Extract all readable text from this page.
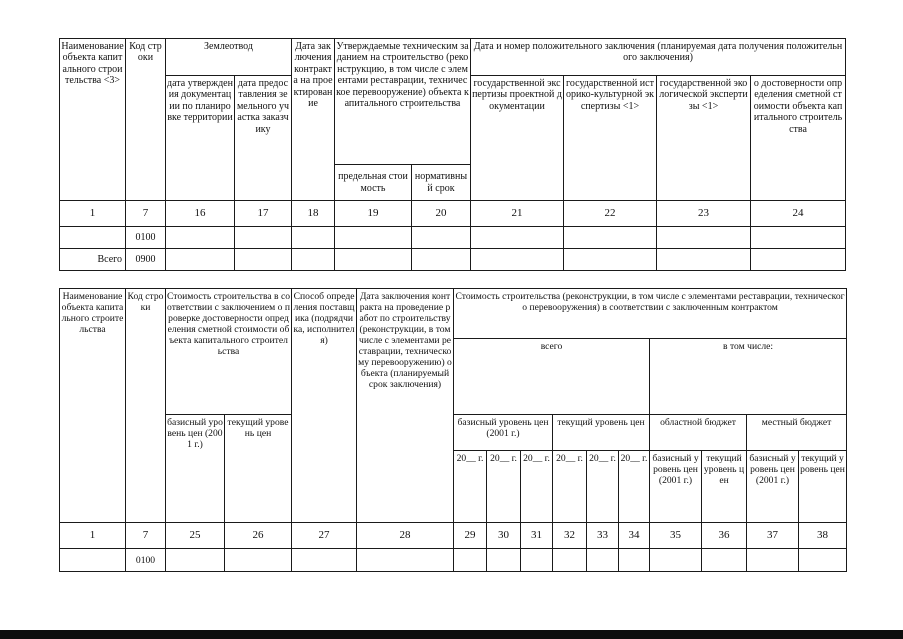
Наименование объекта капитального строительства <3>	Код строки	Землеотвод		Дата заключения контракта на проектирование	Утверждаемые техническим заданием на строительство (реконструкцию, в том числе с элементами реставрации, техническое перевооружение) объекта капитального строительства		Дата и номер положительного заключения (планируемая дата получения положительного заключения)			
		дата утверждения документации по планировке территории	дата предоставления земельного участка заказчику				государственной экспертизы проектной документации	государственной историко-культурной экспертизы <1>	государственной экологической экспертизы <1>	о достоверности определения сметной стоимости объекта капитального строительства
					предельная стоимость	нормативный срок				
1	7	16	17	18	19	20	21	22	23	24
	0100									
Всего	0900									
Наименование объекта капитального строительства	Код строки	Стоимость строительства в соответствии с заключением о проверке достоверности определения сметной стоимости объекта капитального строительства		Способ определения поставщика (подрядчика, исполнителя)	Дата заключения контракта на проведение работ по строительству (реконструкции, в том числе с элементами реставрации, техническому перевооружению) объекта (планируемый срок заключения)	Стоимость строительства (реконструкции, в том числе с элементами реставрации, технического перевооружения) в соответствии с заключенным контрактом									
						всего						в том числе:			
		базисный уровень цен (2001 г.)	текущий уровень цен			базисный уровень цен (2001 г.)			текущий уровень цен			областной бюджет		местный бюджет	
						20__ г.	20__ г.	20__ г.	20__ г.	20__ г.	20__ г.	базисный уровень цен (2001 г.)	текущий уровень цен	базисный уровень цен (2001 г.)	текущий уровень цен
1	7	25	26	27	28	29	30	31	32	33	34	35	36	37	38
	0100														
